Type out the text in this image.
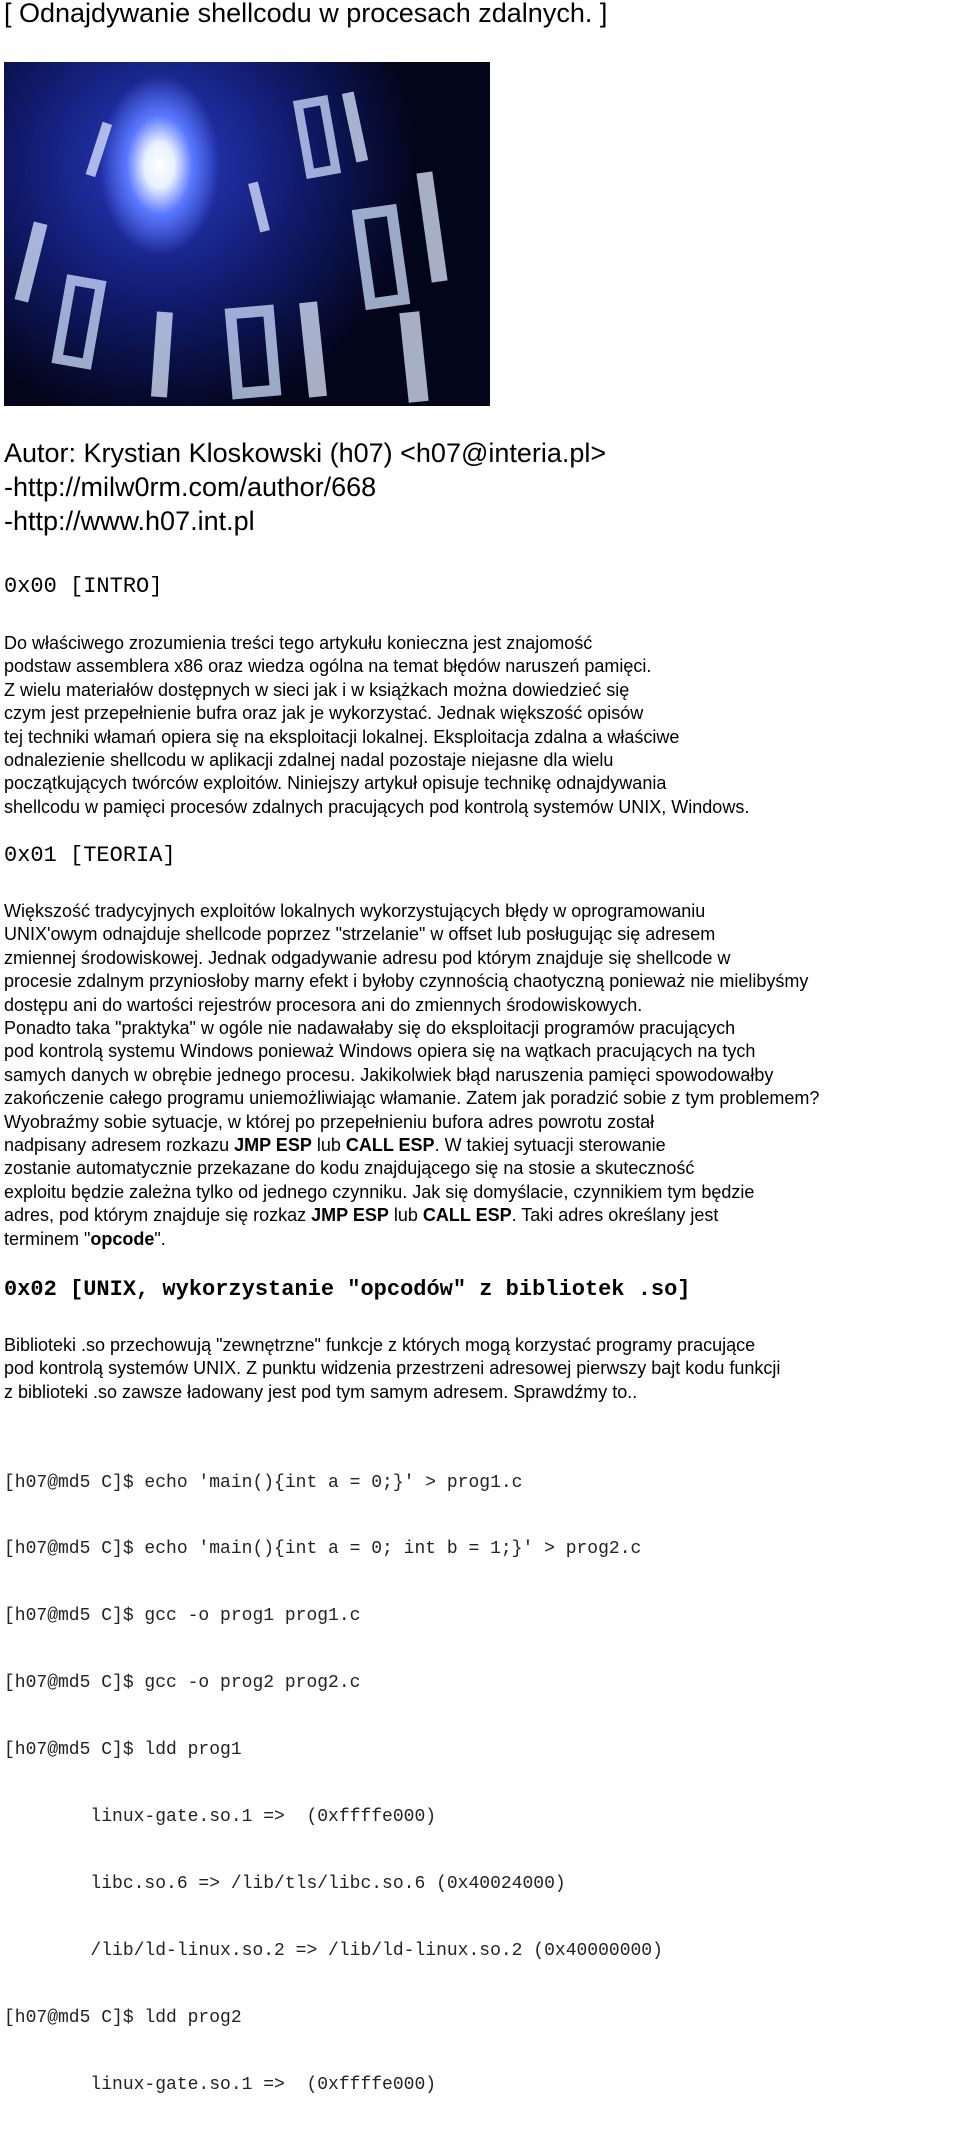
[ Odnajdywanie shellcodu w procesach zdalnych. ]
Autor: Krystian Kloskowski (h07) <h07@interia.pl>
-http://milw0rm.com/author/668
-http://www.h07.int.pl
0x00 [INTRO]
Do właściwego zrozumienia treści tego artykułu konieczna jest znajomość
podstaw assemblera x86 oraz wiedza ogólna na temat błędów naruszeń pamięci.
Z wielu materiałów dostępnych w sieci jak i w książkach można dowiedzieć się
czym jest przepełnienie bufra oraz jak je wykorzystać. Jednak większość opisów
tej techniki włamań opiera się na eksploitacji lokalnej. Eksploitacja zdalna a właściwe
odnalezienie shellcodu w aplikacji zdalnej nadal pozostaje niejasne dla wielu
początkujących twórców exploitów. Niniejszy artykuł opisuje technikę odnajdywania
shellcodu w pamięci procesów zdalnych pracujących pod kontrolą systemów UNIX, Windows.
0x01 [TEORIA]
Większość tradycyjnych exploitów lokalnych wykorzystujących błędy w oprogramowaniu
UNIX'owym odnajduje shellcode poprzez "strzelanie" w offset lub posługując się adresem
zmiennej środowiskowej. Jednak odgadywanie adresu pod którym znajduje się shellcode w
procesie zdalnym przyniosłoby marny efekt i byłoby czynnością chaotyczną ponieważ nie mielibyśmy
dostępu ani do wartości rejestrów procesora ani do zmiennych środowiskowych.
Ponadto taka "praktyka" w ogóle nie nadawałaby się do eksploitacji programów pracujących
pod kontrolą systemu Windows ponieważ Windows opiera się na wątkach pracujących na tych
samych danych w obrębie jednego procesu. Jakikolwiek błąd naruszenia pamięci spowodowałby
zakończenie całego programu uniemożliwiając włamanie. Zatem jak poradzić sobie z tym problemem?
Wyobraźmy sobie sytuacje, w której po przepełnieniu bufora adres powrotu został
nadpisany adresem rozkazu JMP ESP lub CALL ESP. W takiej sytuacji sterowanie
zostanie automatycznie przekazane do kodu znajdującego się na stosie a skuteczność
exploitu będzie zależna tylko od jednego czynniku. Jak się domyślacie, czynnikiem tym będzie
adres, pod którym znajduje się rozkaz JMP ESP lub CALL ESP. Taki adres określany jest
terminem "opcode".
0x02 [UNIX, wykorzystanie "opcodów" z bibliotek .so]
Biblioteki .so przechowują "zewnętrzne" funkcje z których mogą korzystać programy pracujące
pod kontrolą systemów UNIX. Z punktu widzenia przestrzeni adresowej pierwszy bajt kodu funkcji
z biblioteki .so zawsze ładowany jest pod tym samym adresem. Sprawdźmy to..

[h07@md5 C]$ echo 'main(){int a = 0;}' > prog1.c

[h07@md5 C]$ echo 'main(){int a = 0; int b = 1;}' > prog2.c

[h07@md5 C]$ gcc -o prog1 prog1.c

[h07@md5 C]$ gcc -o prog2 prog2.c

[h07@md5 C]$ ldd prog1

linux-gate.so.1 =>  (0xffffe000)

libc.so.6 => /lib/tls/libc.so.6 (0x40024000)

/lib/ld-linux.so.2 => /lib/ld-linux.so.2 (0x40000000)

[h07@md5 C]$ ldd prog2

linux-gate.so.1 =>  (0xffffe000)
